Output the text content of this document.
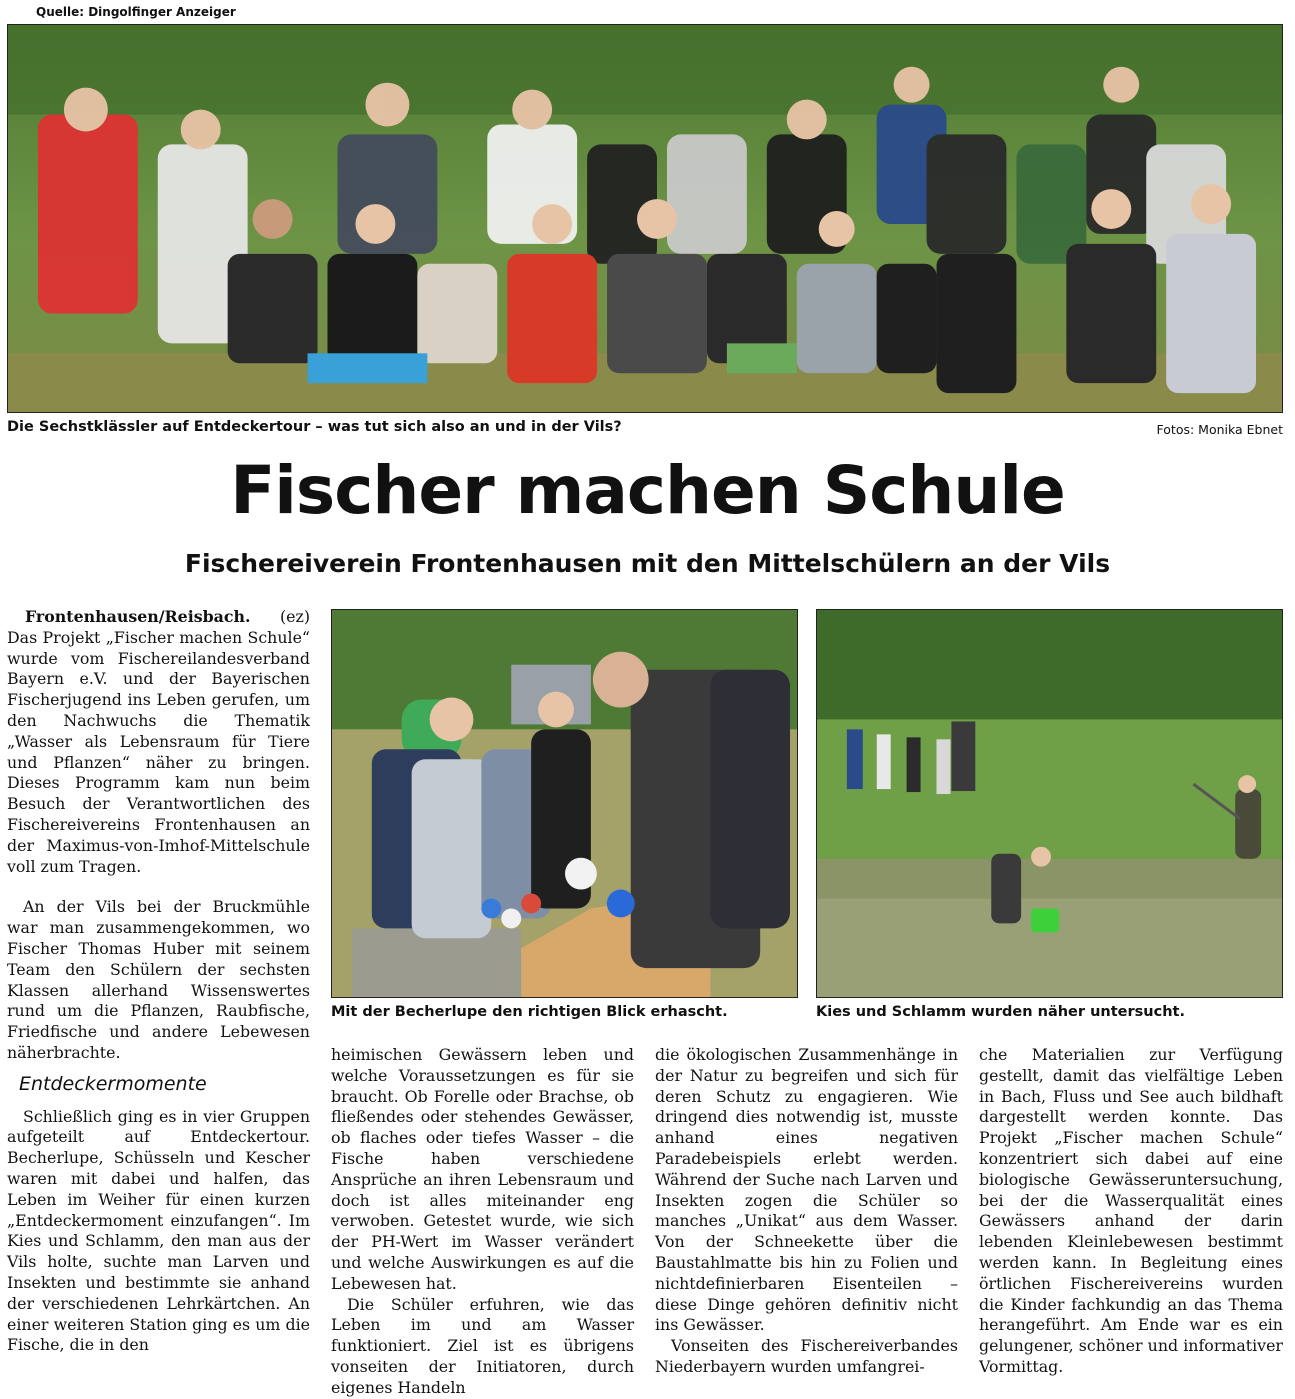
Quelle: Dingolfinger Anzeiger
Die Sechstklässler auf Entdeckertour – was tut sich also an und in der Vils?	Fotos: Monika Ebnet
Fischer machen Schule
Fischereiverein Frontenhausen mit den Mittelschülern an der Vils
Mit der Becherlupe den richtigen Blick erhascht.	Kies und Schlamm wurden näher untersucht.
Frontenhausen/Reisbach. (ez)

Das Projekt „Fischer machen Schule“ wurde vom Fischereilandesverband Bayern e.V. und der Bayerischen Fischerjugend ins Leben gerufen, um den Nachwuchs die Thematik „Wasser als Lebensraum für Tiere und Pflanzen“ näher zu bringen. Dieses Programm kam nun beim Besuch der Verantwortlichen des Fischereivereins Frontenhausen an der Maximus-von-Imhof-Mittelschule voll zum Tragen.

An der Vils bei der Bruckmühle war man zusammengekommen, wo Fischer Thomas Huber mit seinem Team den Schülern der sechsten Klassen allerhand Wissenswertes rund um die Pflanzen, Raubfische, Friedfische und andere Lebewesen näherbrachte.

Entdeckermomente

Schließlich ging es in vier Gruppen aufgeteilt auf Entdeckertour. Becherlupe, Schüsseln und Kescher waren mit dabei und halfen, das Leben im Weiher für einen kurzen „Entdeckermoment einzufangen“. Im Kies und Schlamm, den man aus der Vils holte, suchte man Larven und Insekten und bestimmte sie anhand der verschiedenen Lehrkärtchen. An einer weiteren Station ging es um die Fische, die in den

heimischen Gewässern leben und welche Voraussetzungen es für sie braucht. Ob Forelle oder Brachse, ob fließendes oder stehendes Gewässer, ob flaches oder tiefes Wasser – die Fische haben verschiedene Ansprüche an ihren Lebensraum und doch ist alles miteinander eng verwoben. Getestet wurde, wie sich der PH-Wert im Wasser verändert und welche Auswirkungen es auf die Lebewesen hat.

Die Schüler erfuhren, wie das Leben im und am Wasser funktioniert. Ziel ist es übrigens vonseiten der Initiatoren, durch eigenes Handeln

die ökologischen Zusammenhänge in der Natur zu begreifen und sich für deren Schutz zu engagieren. Wie dringend dies notwendig ist, musste anhand eines negativen Paradebeispiels erlebt werden. Während der Suche nach Larven und Insekten zogen die Schüler so manches „Unikat“ aus dem Wasser. Von der Schneekette über die Baustahlmatte bis hin zu Folien und nichtdefinierbaren Eisenteilen – diese Dinge gehören definitiv nicht ins Gewässer.

Vonseiten des Fischereiverbandes Niederbayern wurden umfangrei-

che Materialien zur Verfügung gestellt, damit das vielfältige Leben in Bach, Fluss und See auch bildhaft dargestellt werden konnte. Das Projekt „Fischer machen Schule“ konzentriert sich dabei auf eine biologische Gewässeruntersuchung, bei der die Wasserqualität eines Gewässers anhand der darin lebenden Kleinlebewesen bestimmt werden kann. In Begleitung eines örtlichen Fischereivereins wurden die Kinder fachkundig an das Thema herangeführt. Am Ende war es ein gelungener, schöner und informativer Vormittag.
